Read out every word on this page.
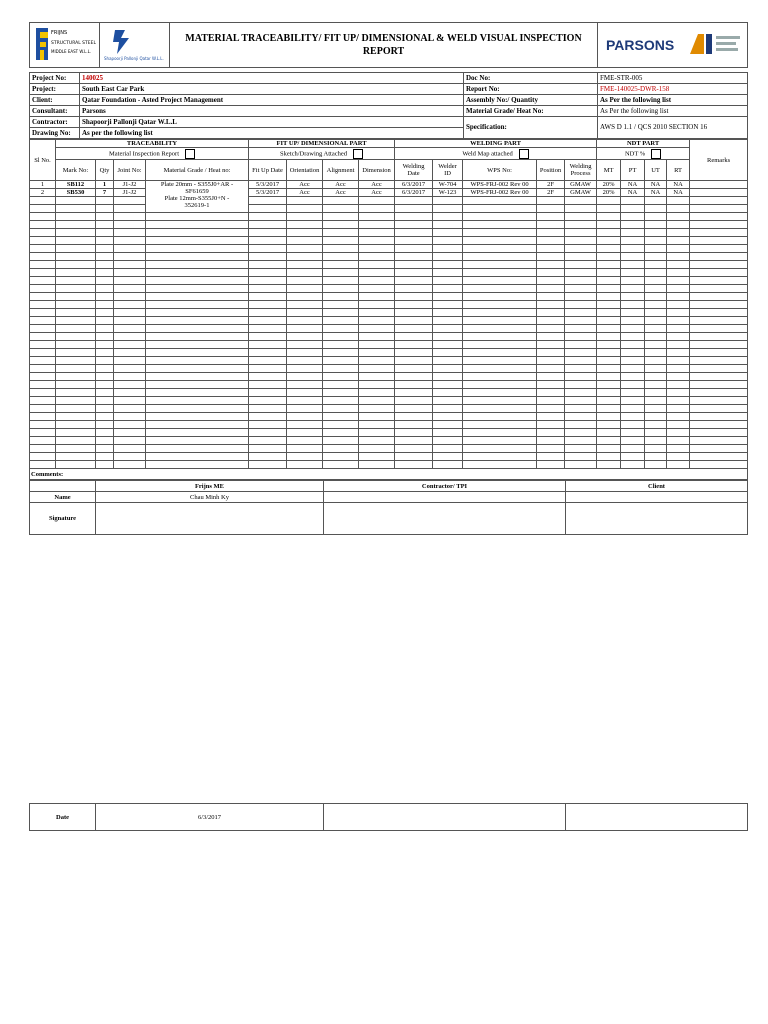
FRIJNS
STRUCTURAL STEEL
MIDDLE EAST W.L.L.

Shapoorji Pallonji Qatar W.L.L.
	MATERIAL TRACEABILITY/ FIT UP/ DIMENSIONAL & WELD VISUAL INSPECTION REPORT	PARSONS
Project No:	140025	Doc No:	FME-STR-005
Project:	South East Car Park	Report No:	FME-140025-DWR-158
Client:	Qatar Foundation - Asted Project Management	Assembly No:/ Quantity	As Per the following list
Consultant:	Parsons	Material Grade/ Heat No:	As Per the following list
Contractor:	Shapoorji Pallonji Qatar W.L.L	Specification:	AWS D 1.1 / QCS 2010 SECTION 16
Drawing No:	As per the following list		
Sl No.	TRACEABILITY				FIT UP/ DIMENSIONAL PART				WELDING PART					NDT PART				Remarks
	Material Inspection Report				Sketch/Drawing Attached				Weld Map attached					NDT %				
	Mark No:	Qty	Joint No:	Material Grade / Heat no:	Fit Up Date	Orientation	Alignment	Dimension	Welding Date	Welder ID	WPS No:	Position	Welding Process	MT	PT	UT	RT	
1	SB112	1	J1-J2	Plate 20mm - S355J0+AR -
SF61659
Plate 12mm-S355J0+N -
352619-1	5/3/2017	Acc	Acc	Acc	6/3/2017	W-704	WPS-FRJ-002 Rev 00	2F	GMAW	20%	NA	NA	NA	
2	SB530	7	J1-J2		5/3/2017	Acc	Acc	Acc	6/3/2017	W-123	WPS-FRJ-002 Rev 00	2F	GMAW	20%	NA	NA	NA	

Comments:																		
	Frijns ME	Contractor/ TPI	Client
Name	Chau Minh Ky		
Signature			
Date	6/3/2017		
